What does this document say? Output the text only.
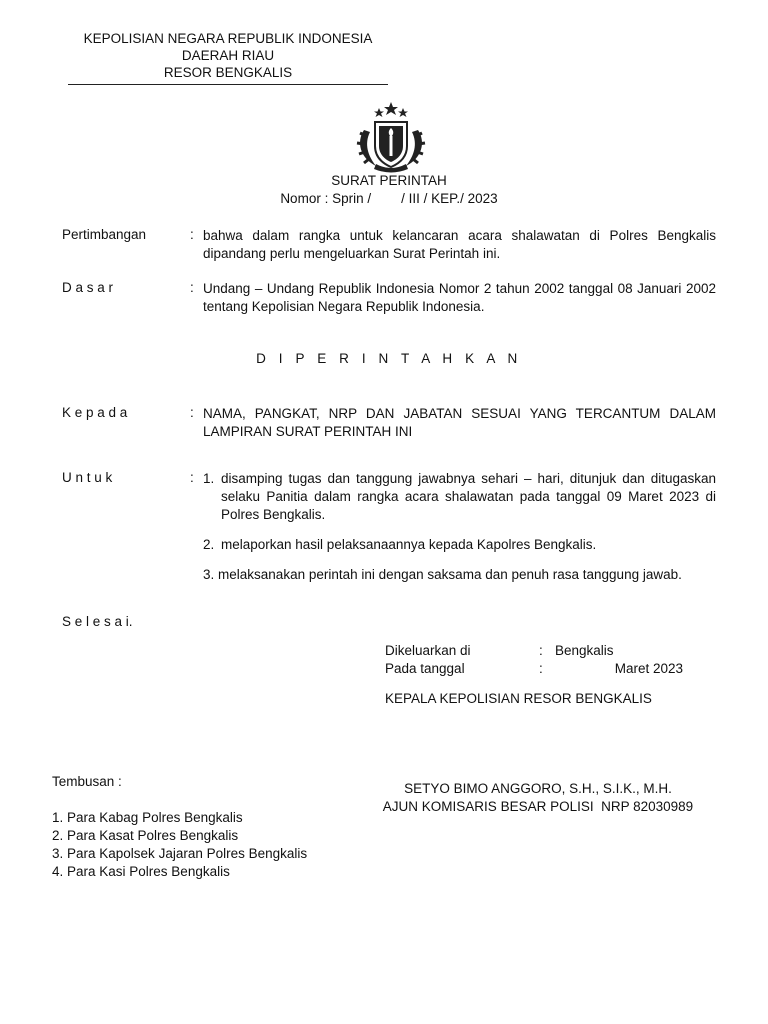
KEPOLISIAN NEGARA REPUBLIK INDONESIA
DAERAH RIAU
RESOR BENGKALIS
SURAT PERINTAH
Nomor : Sprin /        / III / KEP./ 2023
Pertimbangan	: bahwa dalam rangka untuk kelancaran acara shalawatan di Polres Bengkalis dipandang perlu mengeluarkan Surat Perintah ini.
D a s a r	: Undang – Undang Republik Indonesia Nomor 2 tahun 2002 tanggal 08 Januari 2002 tentang Kepolisian Negara Republik Indonesia.
D I P E R I N T A H K A N
K e p a d a	: NAMA, PANGKAT, NRP DAN JABATAN SESUAI YANG TERCANTUM DALAM LAMPIRAN SURAT PERINTAH INI
U n t u k	: 1. disamping tugas dan tanggung jawabnya sehari – hari, ditunjuk dan ditugaskan selaku Panitia dalam rangka acara shalawatan pada tanggal 09 Maret 2023 di Polres Bengkalis.
2. melaporkan hasil pelaksanaannya kepada Kapolres Bengkalis.
3. melaksanakan perintah ini dengan saksama dan penuh rasa tanggung jawab.
S e l e s a i.
Dikeluarkan di	: Bengkalis
Pada tanggal	:	Maret 2023
KEPALA KEPOLISIAN RESOR BENGKALIS
Tembusan :
1. Para Kabag Polres Bengkalis
2. Para Kasat Polres Bengkalis
3. Para Kapolsek Jajaran Polres Bengkalis
4. Para Kasi Polres Bengkalis
SETYO BIMO ANGGORO, S.H., S.I.K., M.H.
AJUN KOMISARIS BESAR POLISI  NRP 82030989
